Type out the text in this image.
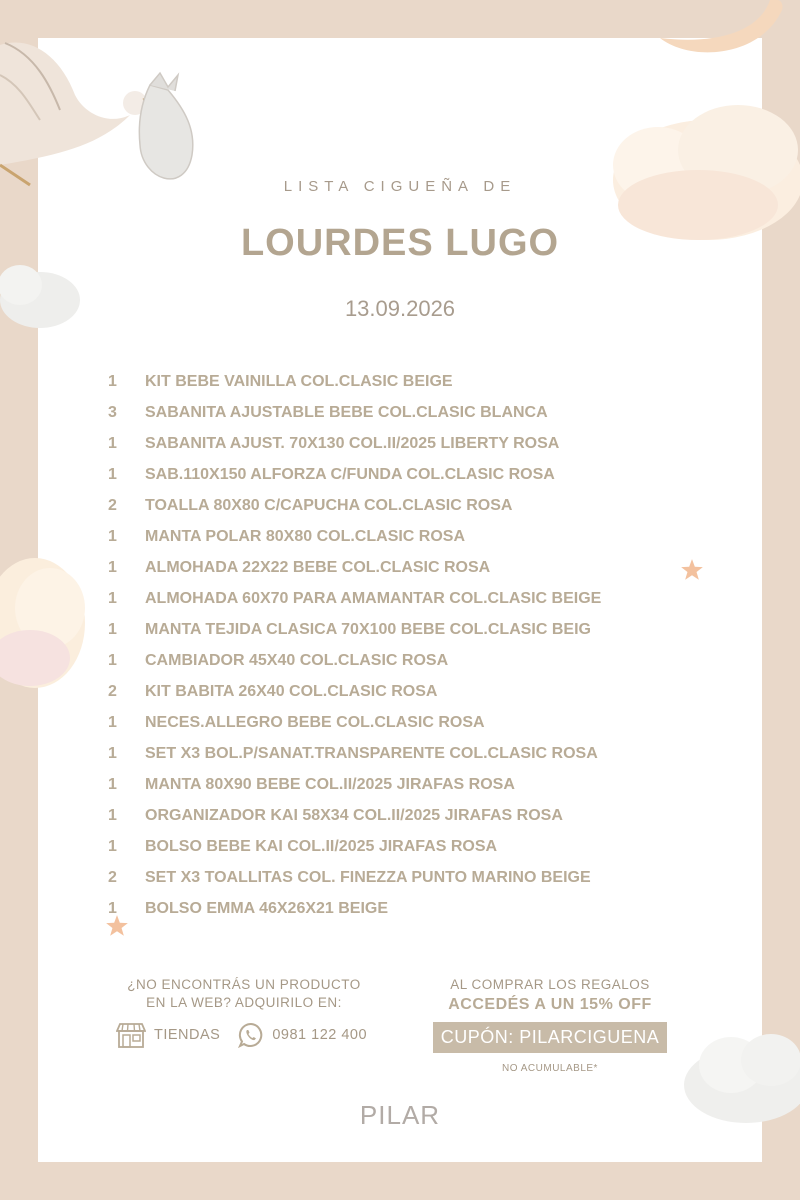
LISTA CIGUEÑA DE
LOURDES LUGO
13.09.2026
1	KIT BEBE VAINILLA COL.CLASIC BEIGE
3	SABANITA AJUSTABLE BEBE COL.CLASIC BLANCA
1	SABANITA AJUST. 70X130 COL.II/2025 LIBERTY ROSA
1	SAB.110X150 ALFORZA C/FUNDA COL.CLASIC ROSA
2	TOALLA 80X80 C/CAPUCHA COL.CLASIC ROSA
1	MANTA POLAR 80X80 COL.CLASIC ROSA
1	ALMOHADA 22X22 BEBE COL.CLASIC ROSA
1	ALMOHADA 60X70 PARA AMAMANTAR COL.CLASIC BEIGE
1	MANTA TEJIDA CLASICA 70X100 BEBE COL.CLASIC BEIG
1	CAMBIADOR 45X40 COL.CLASIC ROSA
2	KIT BABITA 26X40 COL.CLASIC ROSA
1	NECES.ALLEGRO BEBE COL.CLASIC ROSA
1	SET X3 BOL.P/SANAT.TRANSPARENTE COL.CLASIC ROSA
1	MANTA 80X90 BEBE COL.II/2025 JIRAFAS ROSA
1	ORGANIZADOR KAI 58X34 COL.II/2025 JIRAFAS ROSA
1	BOLSO BEBE KAI COL.II/2025 JIRAFAS ROSA
2	SET X3 TOALLITAS COL. FINEZZA PUNTO MARINO BEIGE
1	BOLSO EMMA 46X26X21 BEIGE
¿NO ENCONTRÁS UN PRODUCTO
EN LA WEB? ADQUIRILO EN:
TIENDAS	0981 122 400
AL COMPRAR LOS REGALOS
ACCEDÉS A UN 15% OFF
CUPÓN: PILARCIGUENA
NO ACUMULABLE*
PILAR
